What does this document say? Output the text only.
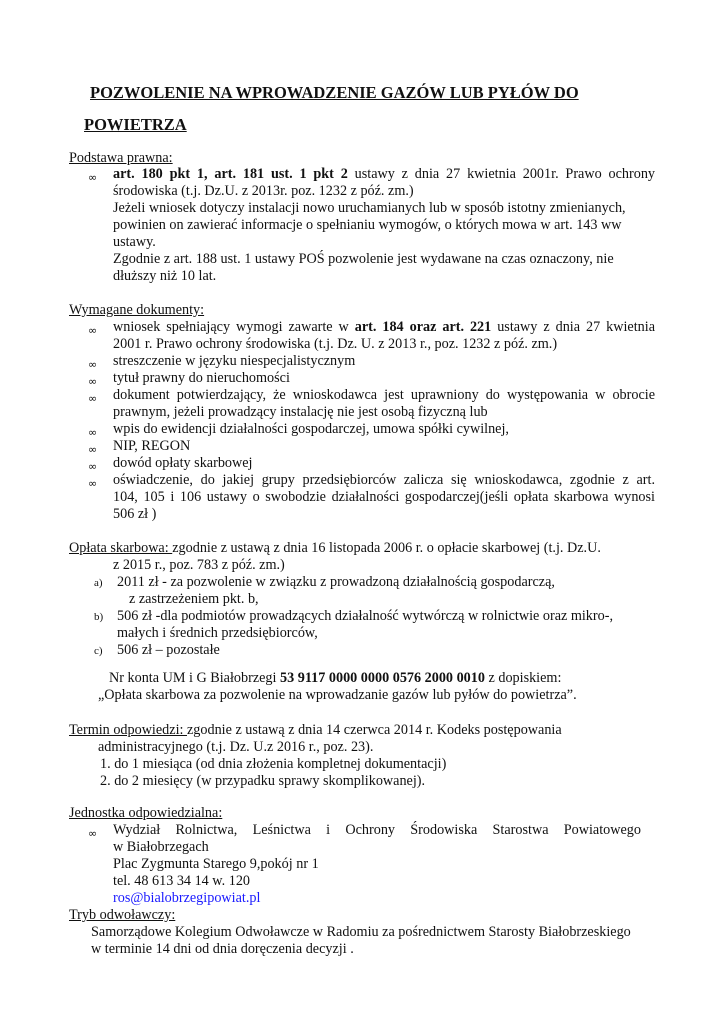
POZWOLENIE NA WPROWADZENIE GAZÓW LUB PYŁÓW DO
POWIETRZA
Podstawa prawna:
∞ art. 180 pkt 1, art. 181 ust. 1 pkt 2 ustawy z dnia 27 kwietnia 2001r. Prawo ochrony
środowiska (t.j. Dz.U. z 2013r. poz. 1232 z póź. zm.)
Jeżeli wniosek dotyczy instalacji nowo uruchamianych lub w sposób istotny zmienianych,
powinien on zawierać informacje o spełnianiu wymogów, o których mowa w art. 143 ww
ustawy.
Zgodnie z art. 188 ust. 1 ustawy POŚ pozwolenie jest wydawane na czas oznaczony, nie
dłuższy niż 10 lat.
Wymagane dokumenty:
∞ wniosek spełniający wymogi zawarte w art. 184 oraz art. 221 ustawy z dnia 27 kwietnia
2001 r. Prawo ochrony środowiska (t.j. Dz. U. z 2013 r., poz. 1232 z póź. zm.)
∞ streszczenie w języku niespecjalistycznym
∞ tytuł prawny do nieruchomości
∞ dokument potwierdzający, że wnioskodawca jest uprawniony do występowania w obrocie
prawnym, jeżeli prowadzący instalację nie jest osobą fizyczną lub
∞ wpis do ewidencji działalności gospodarczej, umowa spółki cywilnej,
∞ NIP, REGON
∞ dowód opłaty skarbowej
∞ oświadczenie, do jakiej grupy przedsiębiorców zalicza się wnioskodawca, zgodnie z art.
104, 105 i 106 ustawy o swobodzie działalności gospodarczej(jeśli opłata skarbowa wynosi
506 zł )
Opłata skarbowa: zgodnie z ustawą z dnia 16 listopada 2006 r. o opłacie skarbowej (t.j. Dz.U.
z 2015 r., poz. 783 z póź. zm.)
a) 2011 zł - za pozwolenie w związku z prowadzoną działalnością gospodarczą,
z zastrzeżeniem pkt. b,
b) 506 zł -dla podmiotów prowadzących działalność wytwórczą w rolnictwie oraz mikro-,
małych i średnich przedsiębiorców,
c) 506 zł – pozostałe
Nr konta UM i G Białobrzegi 53 9117 0000 0000 0576 2000 0010 z dopiskiem:
„Opłata skarbowa za pozwolenie na wprowadzanie gazów lub pyłów do powietrza”.
Termin odpowiedzi: zgodnie z ustawą z dnia 14 czerwca 2014 r. Kodeks postępowania
administracyjnego (t.j. Dz. U.z 2016 r., poz. 23).
1. do 1 miesiąca (od dnia złożenia kompletnej dokumentacji)
2. do 2 miesięcy (w przypadku sprawy skomplikowanej).
Jednostka odpowiedzialna:
∞ Wydział Rolnictwa, Leśnictwa i Ochrony Środowiska Starostwa Powiatowego
w Białobrzegach
Plac Zygmunta Starego 9,pokój nr 1
tel. 48 613 34 14 w. 120
ros@bialobrzegipowiat.pl
Tryb odwoławczy:
Samorządowe Kolegium Odwoławcze w Radomiu za pośrednictwem Starosty Białobrzeskiego
w terminie 14 dni od dnia doręczenia decyzji .
